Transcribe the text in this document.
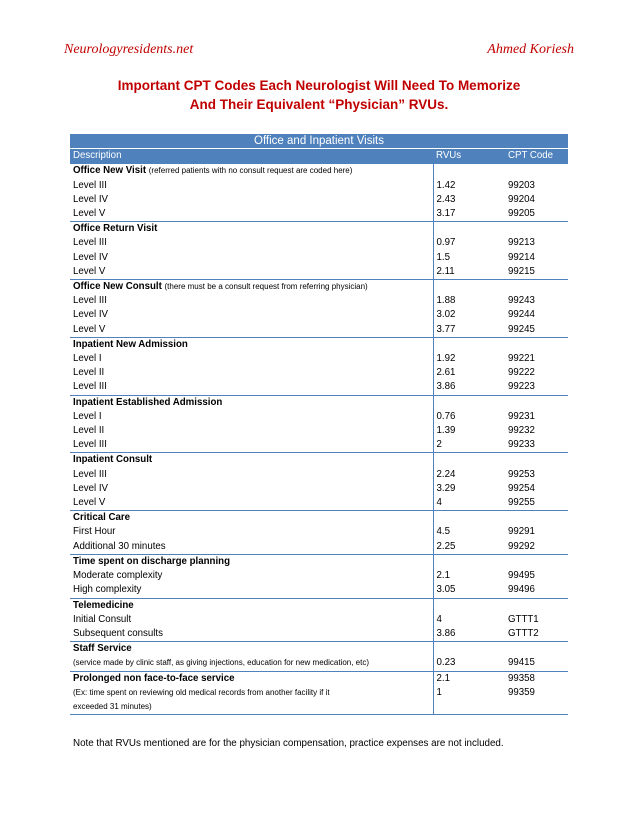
Neurologyresidents.net	Ahmed Koriesh
Important CPT Codes Each Neurologist Will Need To Memorize
And Their Equivalent “Physician” RVUs.
Office and Inpatient Visits		
Description	RVUs	CPT Code
Office New Visit (referred patients with no consult request are coded here)		
Level III	1.42	99203
Level IV	2.43	99204
Level V	3.17	99205
Office Return Visit		
Level III	0.97	99213
Level IV	1.5	99214
Level V	2.11	99215
Office New Consult (there must be a consult request from referring physician)		
Level III	1.88	99243
Level IV	3.02	99244
Level V	3.77	99245
Inpatient New Admission		
Level I	1.92	99221
Level II	2.61	99222
Level III	3.86	99223
Inpatient Established Admission		
Level I	0.76	99231
Level II	1.39	99232
Level III	2	99233
Inpatient Consult		
Level III	2.24	99253
Level IV	3.29	99254
Level V	4	99255
Critical Care		
First Hour	4.5	99291
Additional 30 minutes	2.25	99292
Time spent on discharge planning		
Moderate complexity	2.1	99495
High complexity	3.05	99496
Telemedicine		
Initial Consult	4	GTTT1
Subsequent consults	3.86	GTTT2
Staff Service		
(service made by clinic staff, as giving injections, education for new medication, etc)	0.23	99415
Prolonged non face-to-face service	2.1	99358
(Ex: time spent on reviewing old medical records from another facility if it	1	99359
exceeded 31 minutes)		
Note that RVUs mentioned are for the physician compensation, practice expenses are not included.
